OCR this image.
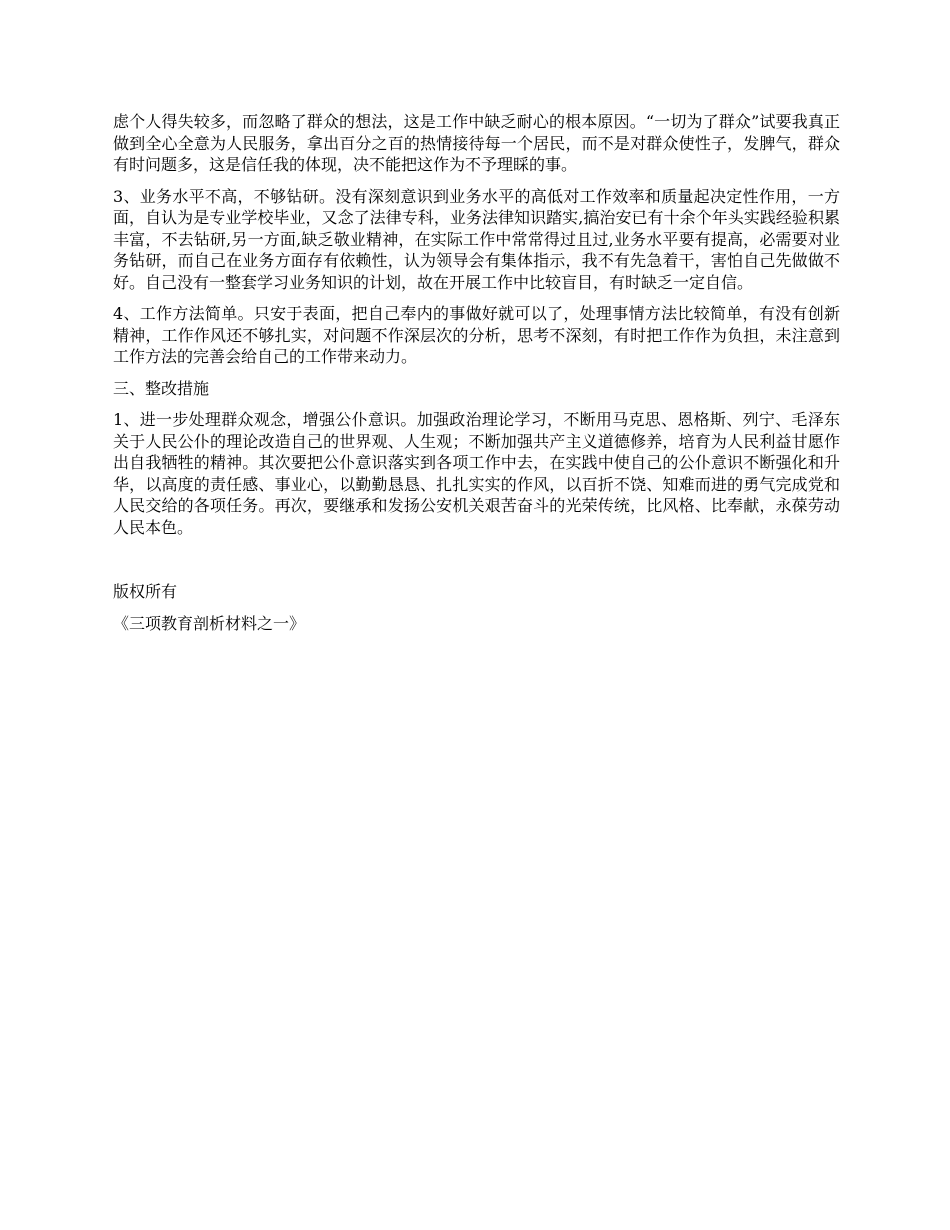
虑个人得失较多，而忽略了群众的想法，这是工作中缺乏耐心的根本原因。“一切为了群众”试要我真正做到全心全意为人民服务，拿出百分之百的热情接待每一个居民，而不是对群众使性子，发脾气，群众有时问题多，这是信任我的体现，决不能把这作为不予理睬的事。

3、业务水平不高，不够钻研。没有深刻意识到业务水平的高低对工作效率和质量起决定性作用，一方面，自认为是专业学校毕业，又念了法律专科，业务法律知识踏实,搞治安已有十余个年头实践经验积累丰富，不去钻研,另一方面,缺乏敬业精神，在实际工作中常常得过且过,业务水平要有提高，必需要对业务钻研，而自己在业务方面存有依赖性，认为领导会有集体指示，我不有先急着干，害怕自己先做做不好。自己没有一整套学习业务知识的计划，故在开展工作中比较盲目，有时缺乏一定自信。

4、工作方法简单。只安于表面，把自己奉内的事做好就可以了，处理事情方法比较简单，有没有创新精神，工作作风还不够扎实，对问题不作深层次的分析，思考不深刻，有时把工作作为负担，未注意到工作方法的完善会给自己的工作带来动力。

三、整改措施

1、进一步处理群众观念，增强公仆意识。加强政治理论学习，不断用马克思、恩格斯、列宁、毛泽东关于人民公仆的理论改造自己的世界观、人生观；不断加强共产主义道德修养，培育为人民利益甘愿作出自我牺牲的精神。其次要把公仆意识落实到各项工作中去，在实践中使自己的公仆意识不断强化和升华，以高度的责任感、事业心，以勤勤恳恳、扎扎实实的作风，以百折不饶、知难而进的勇气完成党和人民交给的各项任务。再次，要继承和发扬公安机关艰苦奋斗的光荣传统，比风格、比奉献，永葆劳动人民本色。

版权所有

《三项教育剖析材料之一》
